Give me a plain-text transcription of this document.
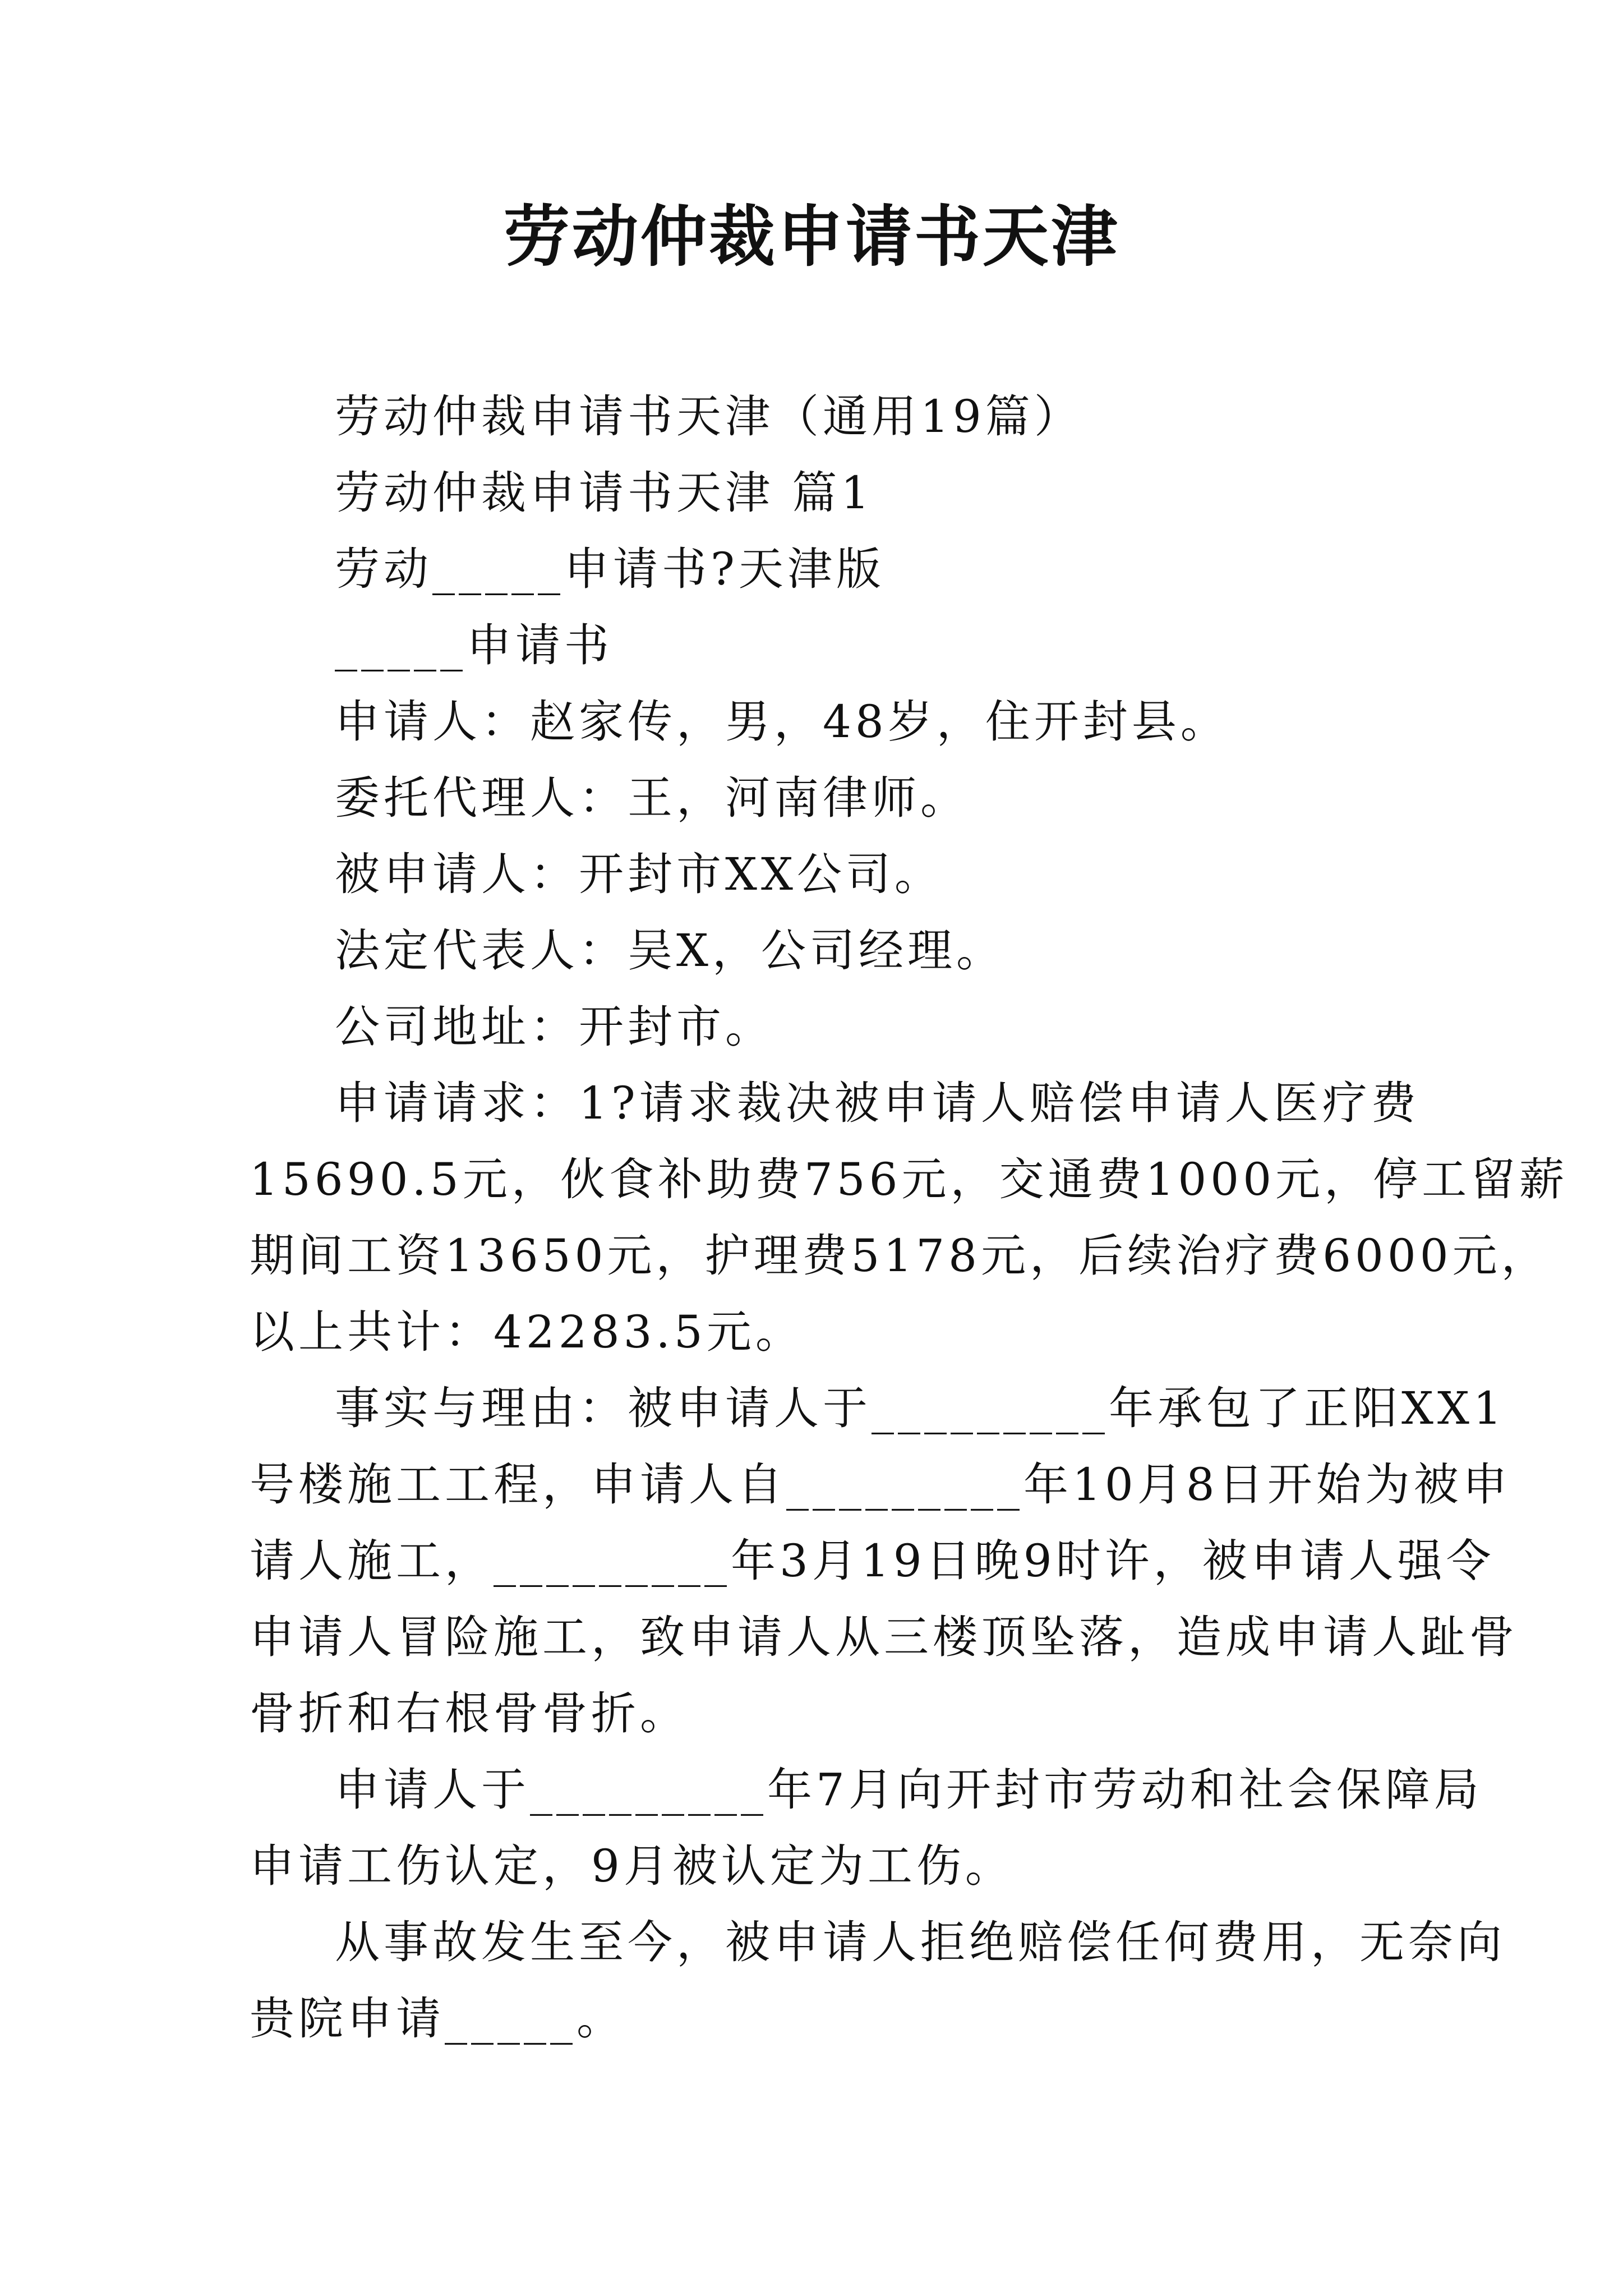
劳动仲裁申请书天津

劳动仲裁申请书天津（通用19篇）

劳动仲裁申请书天津 篇1

劳动_____申请书?天津版

_____申请书

申请人：赵家传，男，48岁，住开封县。

委托代理人：王，河南律师。

被申请人：开封市XX公司。

法定代表人：吴X，公司经理。

公司地址：开封市。

申请请求：1?请求裁决被申请人赔偿申请人医疗费

15690.5元，伙食补助费756元，交通费1000元，停工留薪

期间工资13650元，护理费5178元，后续治疗费6000元，

以上共计：42283.5元。

事实与理由：被申请人于_________年承包了正阳XX1

号楼施工工程，申请人自_________年10月8日开始为被申

请人施工，_________年3月19日晚9时许，被申请人强令

申请人冒险施工，致申请人从三楼顶坠落，造成申请人趾骨

骨折和右根骨骨折。

申请人于_________年7月向开封市劳动和社会保障局

申请工伤认定，9月被认定为工伤。

从事故发生至今，被申请人拒绝赔偿任何费用，无奈向

贵院申请_____。
